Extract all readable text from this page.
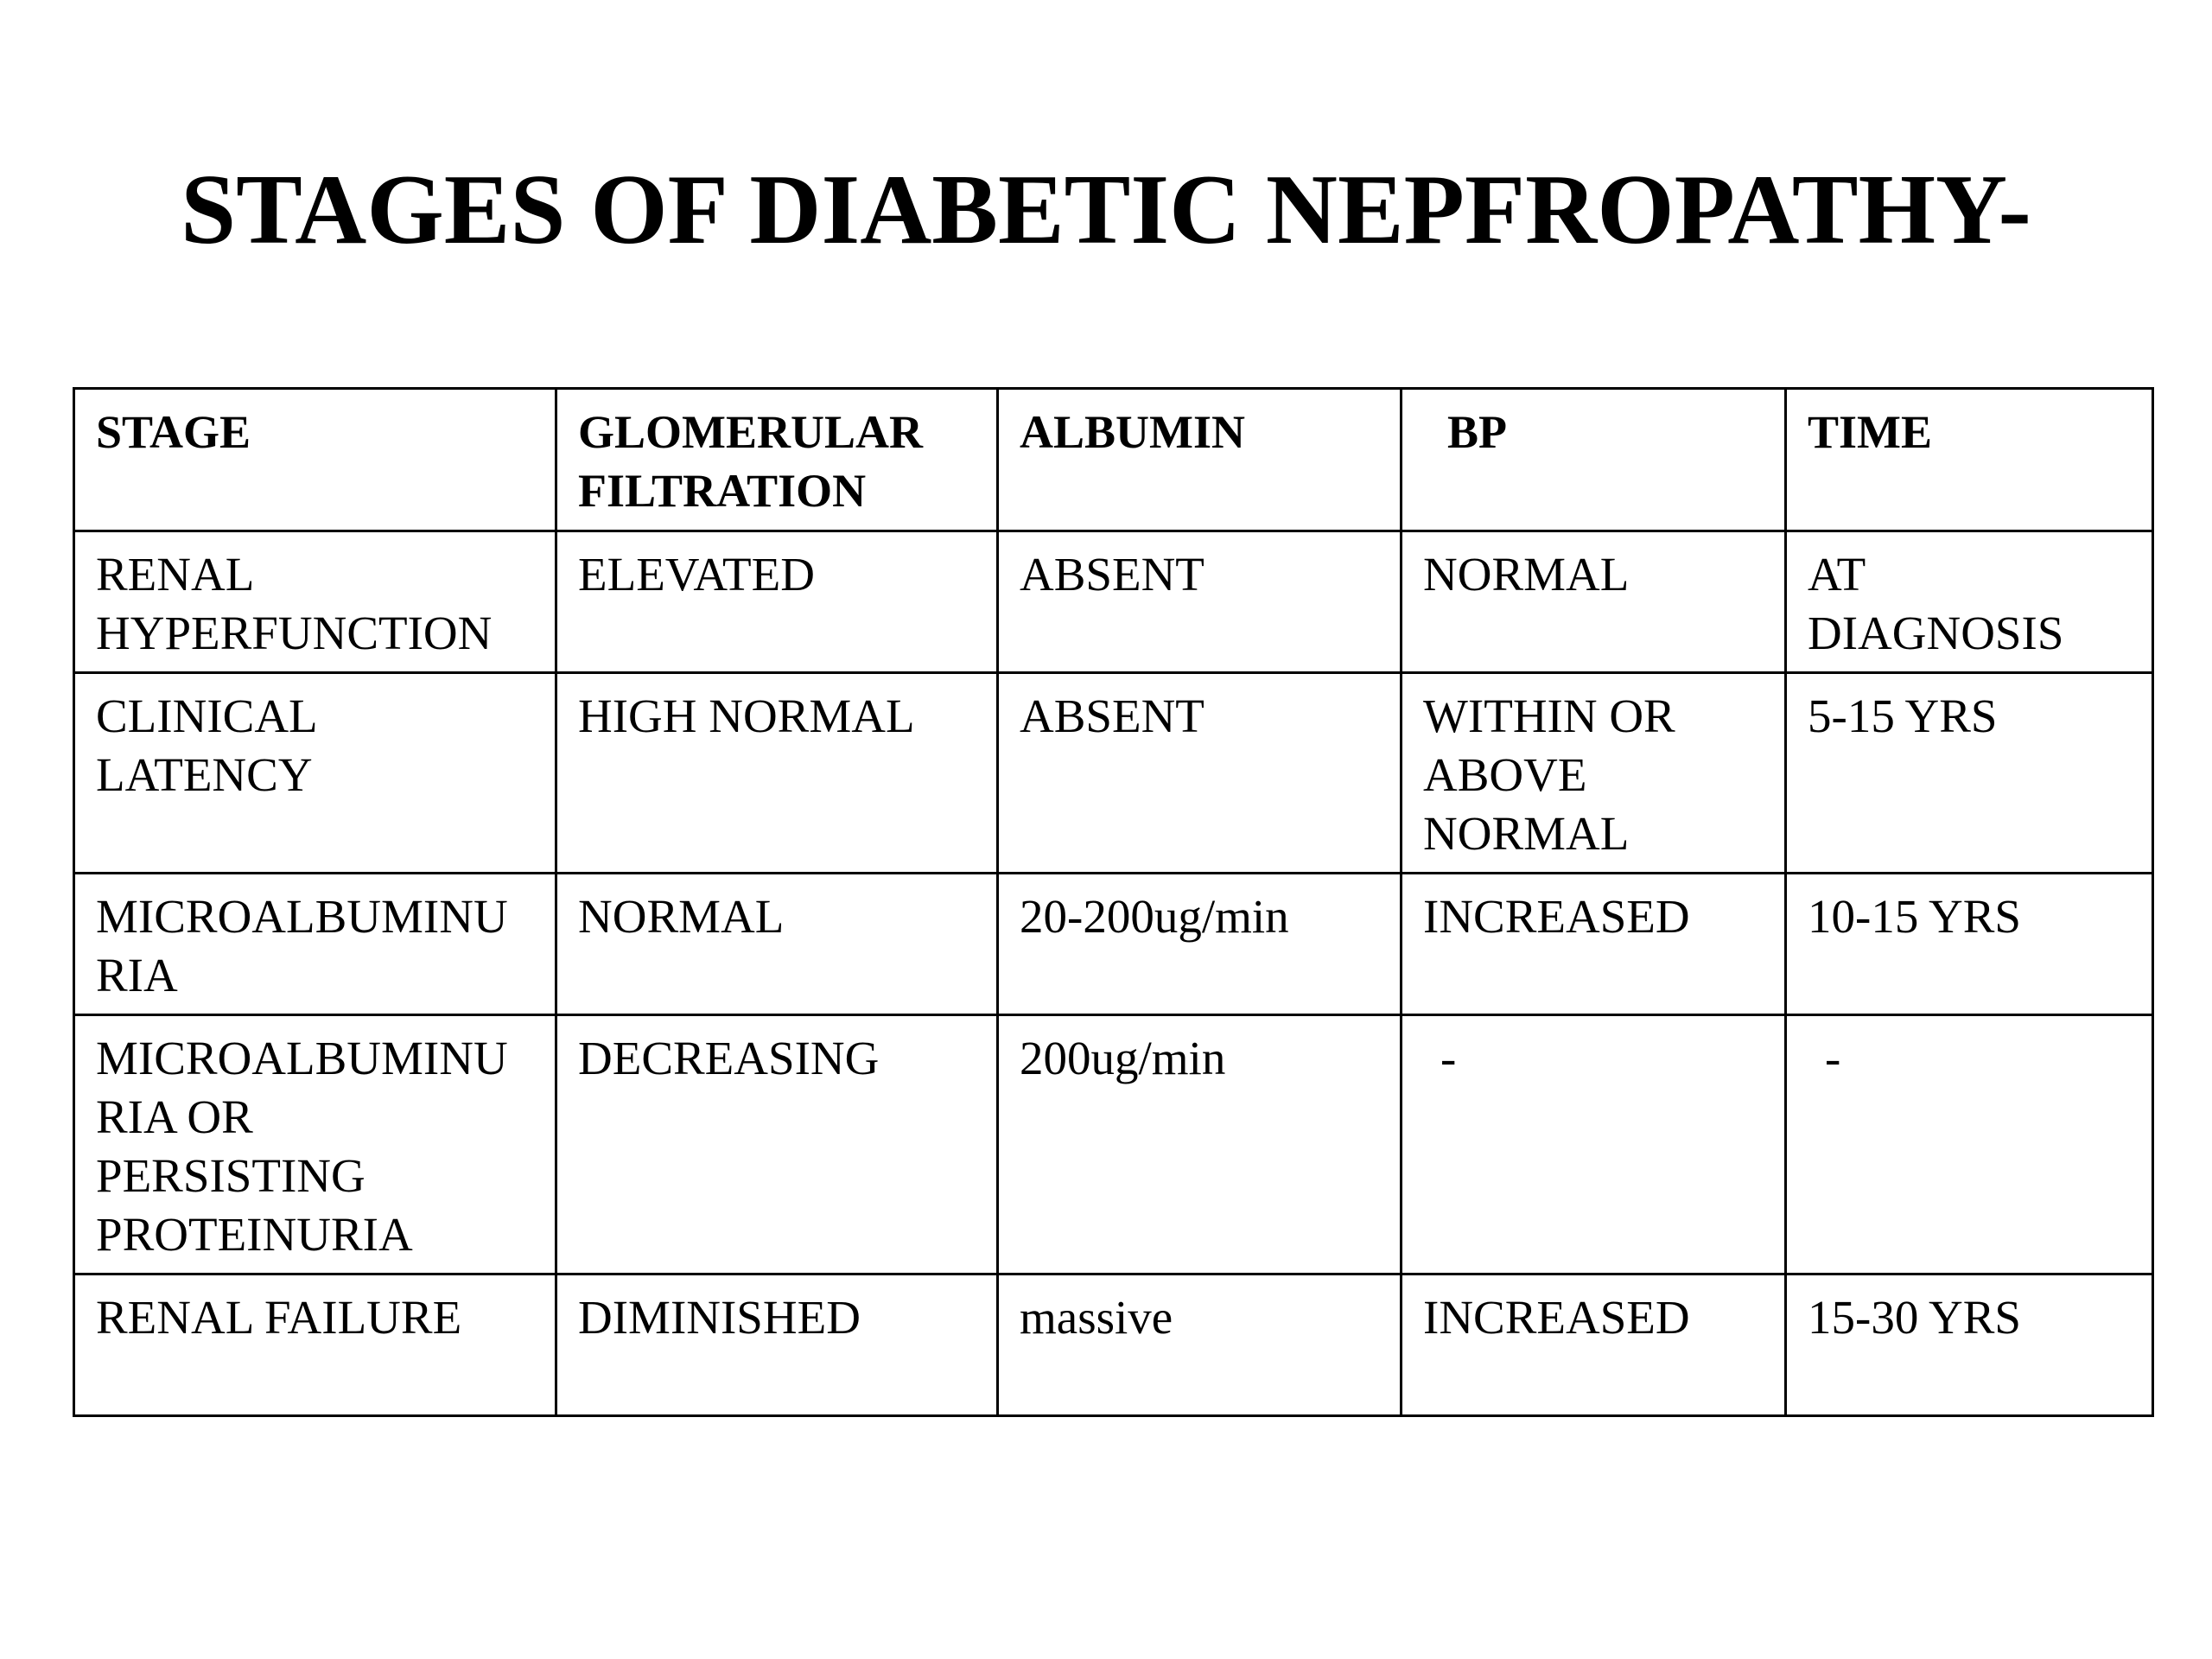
STAGES OF DIABETIC NEPFROPATHY-
STAGE	GLOMERULAR FILTRATION	ALBUMIN	BP	TIME
RENAL HYPERFUNCTION	ELEVATED	ABSENT	NORMAL	AT DIAGNOSIS
CLINICAL LATENCY	HIGH NORMAL	ABSENT	WITHIN OR ABOVE NORMAL	5-15 YRS
MICROALBUMINU RIA	NORMAL	20-200ug/min	INCREASED	10-15 YRS
MICROALBUMINU RIA OR PERSISTING PROTEINURIA	DECREASING	200ug/min	-	-
RENAL FAILURE	DIMINISHED	massive	INCREASED	15-30 YRS
